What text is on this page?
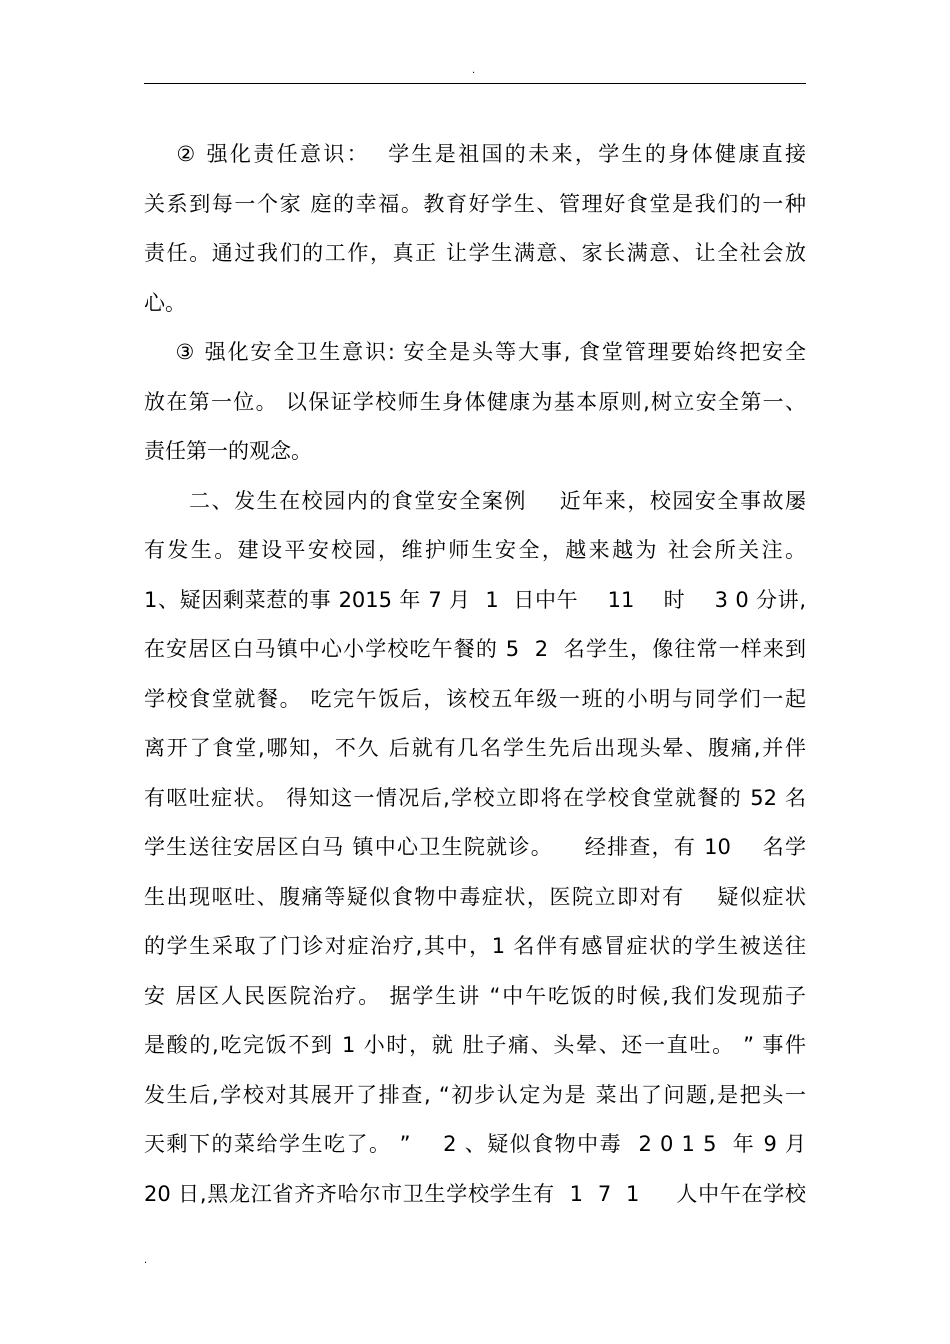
.
　 ② 强化责任意识：  学生是祖国的未来，学生的身体健康直接
关系到每一个家 庭的幸福。教育好学生、管理好食堂是我们的一种
责任。通过我们的工作，真正 让学生满意、家长满意、让全社会放
心。
　 ③ 强化安全卫生意识: 安全是头等大事, 食堂管理要始终把安全
放在第一位。 以保证学校师生身体健康为基本原则,树立安全第一、
责任第一的观念。
　　二、发生在校园内的食堂安全案例    近年来，校园安全事故屡
有发生。建设平安校园，维护师生安全，越来越为 社会所关注。
1、疑因剩菜惹的事 2015 年 7 月  1  日中午    11    时    3 0 分讲,
在安居区白马镇中心小学校吃午餐的 5  2  名学生，像往常一样来到
学校食堂就餐。 吃完午饭后，该校五年级一班的小明与同学们一起
离开了食堂,哪知，不久 后就有几名学生先后出现头晕、腹痛,并伴
有呕吐症状。 得知这一情况后,学校立即将在学校食堂就餐的 52 名
学生送往安居区白马 镇中心卫生院就诊。    经排查，有 10    名学
生出现呕吐、腹痛等疑似食物中毒症状，医院立即对有    疑似症状
的学生采取了门诊对症治疗,其中，1 名伴有感冒症状的学生被送往
安 居区人民医院治疗。 据学生讲 “中午吃饭的时候,我们发现茄子
是酸的,吃完饭不到 1 小时，就 肚子痛、头晕、还一直吐。 ” 事件
发生后,学校对其展开了排查, “初步认定为是 菜出了问题,是把头一
天剩下的菜给学生吃了。 ”    2 、疑似食物中毒  2 0 1 5  年 9 月
20 日,黑龙江省齐齐哈尔市卫生学校学生有  1  7  1     人中午在学校
.
